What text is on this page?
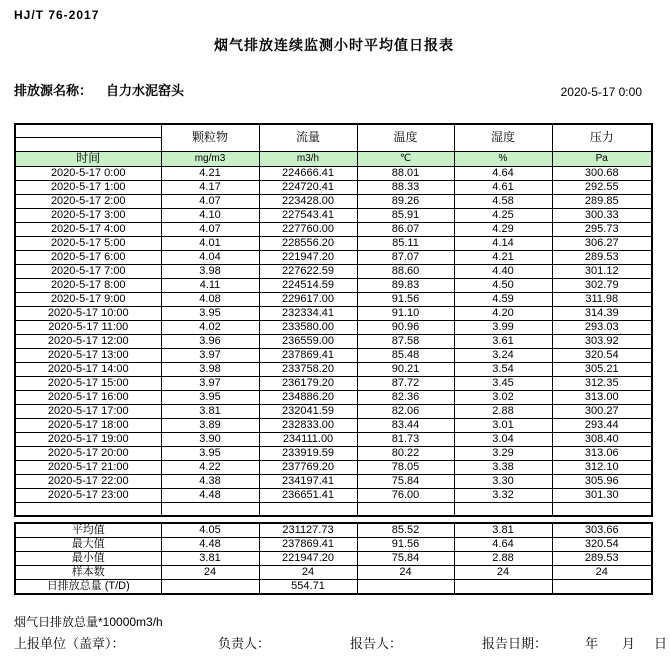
HJ/T 76-2017
烟气排放连续监测小时平均值日报表
排放源名称： 自力水泥窑头	2020-5-17 0:00
	颗粒物	流量	温度	湿度	压力

时间	mg/m3	m3/h	℃	%	Pa
2020-5-17 0:00	4.21	224666.41	88.01	4.64	300.68
2020-5-17 1:00	4.17	224720.41	88.33	4.61	292.55
2020-5-17 2:00	4.07	223428.00	89.26	4.58	289.85
2020-5-17 3:00	4.10	227543.41	85.91	4.25	300.33
2020-5-17 4:00	4.07	227760.00	86.07	4.29	295.73
2020-5-17 5:00	4.01	228556.20	85.11	4.14	306.27
2020-5-17 6:00	4.04	221947.20	87.07	4.21	289.53
2020-5-17 7:00	3.98	227622.59	88.60	4.40	301.12
2020-5-17 8:00	4.11	224514.59	89.83	4.50	302.79
2020-5-17 9:00	4.08	229617.00	91.56	4.59	311.98
2020-5-17 10:00	3.95	232334.41	91.10	4.20	314.39
2020-5-17 11:00	4.02	233580.00	90.96	3.99	293.03
2020-5-17 12:00	3.96	236559.00	87.58	3.61	303.92
2020-5-17 13:00	3.97	237869.41	85.48	3.24	320.54
2020-5-17 14:00	3.98	233758.20	90.21	3.54	305.21
2020-5-17 15:00	3.97	236179.20	87.72	3.45	312.35
2020-5-17 16:00	3.95	234886.20	82.36	3.02	313.00
2020-5-17 17:00	3.81	232041.59	82.06	2.88	300.27
2020-5-17 18:00	3.89	232833.00	83.44	3.01	293.44
2020-5-17 19:00	3.90	234111.00	81.73	3.04	308.40
2020-5-17 20:00	3.95	233919.59	80.22	3.29	313.06
2020-5-17 21:00	4.22	237769.20	78.05	3.38	312.10
2020-5-17 22:00	4.38	234197.41	75.84	3.30	305.96
2020-5-17 23:00	4.48	236651.41	76.00	3.32	301.30

平均值	4.05	231127.73	85.52	3.81	303.66
最大值	4.48	237869.41	91.56	4.64	320.54
最小值	3.81	221947.20	75.84	2.88	289.53
样本数	24	24	24	24	24
日排放总量 (T/D)		554.71			
烟气日排放总量*10000m3/h
上报单位（盖章）：	负责人：	报告人：	报告日期：	年 月 日
